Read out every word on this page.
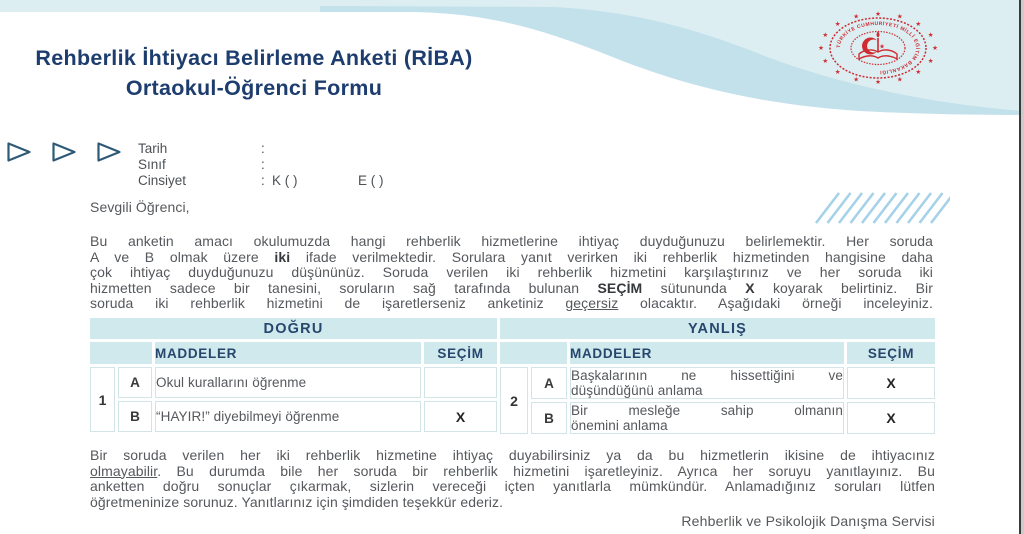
★
★
★
★
★
★
★
★
★
★
★
★ ★ ★
★
★
TÜRKİYE CUMHURİYETİ MİLLÎ EĞİTİM BAKANLIĞI
★
Rehberlik İhtiyacı Belirleme Anketi (RİBA)
Ortaokul-Öğrenci Formu
Tarih	:
Sınıf	:
Cinsiyet	: K ( )	E ( )
Sevgili Öğrenci,
Bu anketin amacı okulumuzda hangi rehberlik hizmetlerine ihtiyaç duyduğunuzu belirlemektir. Her soruda
A ve B olmak üzere iki ifade verilmektedir. Sorulara yanıt verirken iki rehberlik hizmetinden hangisine daha
çok ihtiyaç duyduğunuzu düşününüz. Soruda verilen iki rehberlik hizmetini karşılaştırınız ve her soruda iki
hizmetten sadece bir tanesini, soruların sağ tarafında bulunan SEÇİM sütununda X koyarak belirtiniz. Bir
soruda iki rehberlik hizmetini de işaretlerseniz anketiniz geçersiz olacaktır. Aşağıdaki örneği inceleyiniz.
DOĞRU			
		MADDELER	SEÇİM
1	A	Okul kurallarını öğrenme	

	B	“HAYIR!” diyebilmeyi öğrenme	X
YANLIŞ			
		MADDELER	SEÇİM
2	A	Başkalarının ne hissettiğini ve
düşündüğünü anlama	X
	B	Bir mesleğe sahip olmanın
önemini anlama	X
Bir soruda verilen her iki rehberlik hizmetine ihtiyaç duyabilirsiniz ya da bu hizmetlerin ikisine de ihtiyacınız
olmayabilir. Bu durumda bile her soruda bir rehberlik hizmetini işaretleyiniz. Ayrıca her soruyu yanıtlayınız. Bu
anketten doğru sonuçlar çıkarmak, sizlerin vereceği içten yanıtlarla mümkündür. Anlamadığınız soruları lütfen
öğretmeninize sorunuz. Yanıtlarınız için şimdiden teşekkür ederiz.
Rehberlik ve Psikolojik Danışma Servisi
